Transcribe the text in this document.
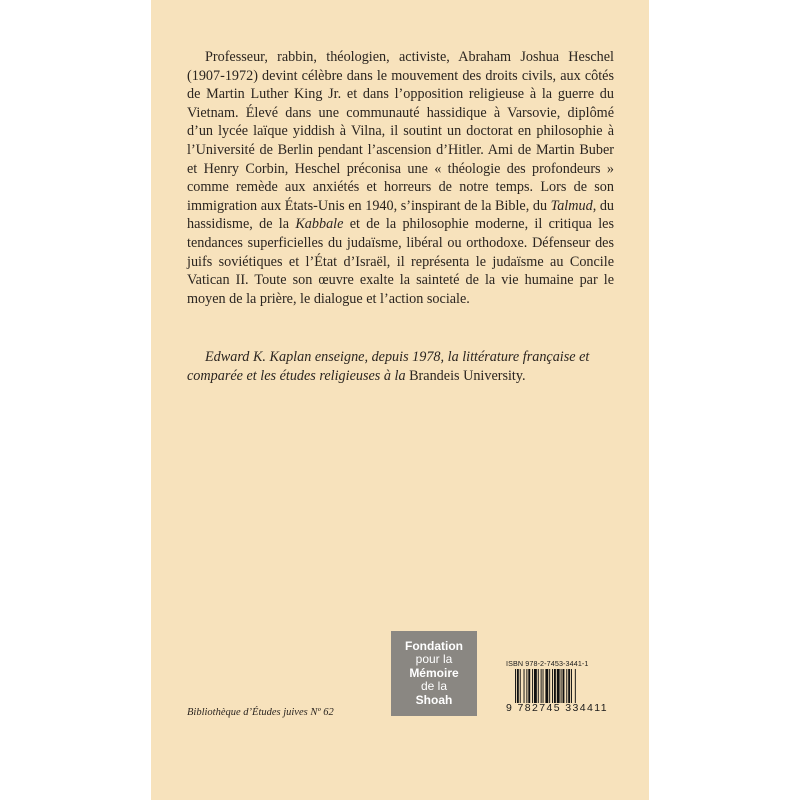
Professeur, rabbin, théologien, activiste, Abraham Joshua Heschel (1907-1972) devint célèbre dans le mouvement des droits civils, aux côtés de Martin Luther King Jr. et dans l’opposition religieuse à la guerre du Vietnam. Élevé dans une communauté hassidique à Varsovie, diplômé d’un lycée laïque yiddish à Vilna, il soutint un doctorat en philosophie à l’Université de Berlin pendant l’ascension d’Hitler. Ami de Martin Buber et Henry Corbin, Heschel préconisa une « théologie des profondeurs » comme remède aux anxiétés et horreurs de notre temps. Lors de son immigration aux États-Unis en 1940, s’inspirant de la Bible, du Talmud, du hassidisme, de la Kabbale et de la philosophie moderne, il critiqua les tendances superficielles du judaïsme, libéral ou orthodoxe. Défenseur des juifs soviétiques et l’État d’Israël, il représenta le judaïsme au Concile Vatican II. Toute son œuvre exalte la sainteté de la vie humaine par le moyen de la prière, le dialogue et l’action sociale.

Edward K. Kaplan enseigne, depuis 1978, la littérature française et comparée et les études religieuses à la Brandeis University.

Bibliothèque d’Études juives Nº 62
Fondation
pour la
Mémoire
de la
Shoah
ISBN 978-2-7453-3441-1
9 782745 334411
